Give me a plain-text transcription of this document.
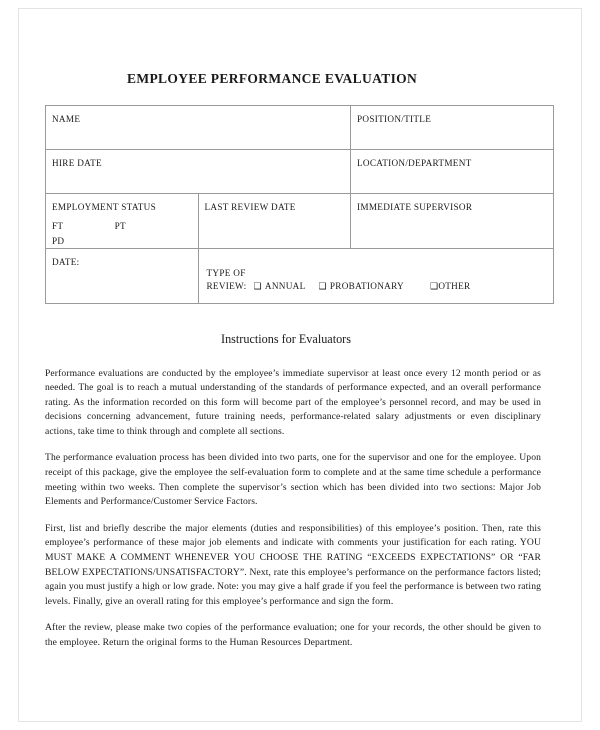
EMPLOYEE PERFORMANCE EVALUATION
NAME		POSITION/TITLE
HIRE DATE		LOCATION/DEPARTMENT
EMPLOYMENT STATUS
FT PT PD	LAST REVIEW DATE	IMMEDIATE SUPERVISOR
DATE:	TYPE OF
REVIEW: ❑ ANNUAL ❑ PROBATIONARY ❑OTHER	
Instructions for Evaluators

Performance evaluations are conducted by the employee’s immediate supervisor at least once every 12 month period or as needed. The goal is to reach a mutual understanding of the standards of performance expected, and an overall performance rating. As the information recorded on this form will become part of the employee’s personnel record, and may be used in decisions concerning advancement, future training needs, performance-related salary adjustments or even disciplinary actions, take time to think through and complete all sections.

The performance evaluation process has been divided into two parts, one for the supervisor and one for the employee. Upon receipt of this package, give the employee the self-evaluation form to complete and at the same time schedule a performance meeting within two weeks. Then complete the supervisor’s section which has been divided into two sections: Major Job Elements and Performance/Customer Service Factors.

First, list and briefly describe the major elements (duties and responsibilities) of this employee’s position. Then, rate this employee’s performance of these major job elements and indicate with comments your justification for each rating. YOU MUST MAKE A COMMENT WHENEVER YOU CHOOSE THE RATING “EXCEEDS EXPECTATIONS” OR “FAR BELOW EXPECTATIONS/UNSATISFACTORY”. Next, rate this employee’s performance on the performance factors listed; again you must justify a high or low grade. Note: you may give a half grade if you feel the performance is between two rating levels. Finally, give an overall rating for this employee’s performance and sign the form.

After the review, please make two copies of the performance evaluation; one for your records, the other should be given to the employee. Return the original forms to the Human Resources Department.
